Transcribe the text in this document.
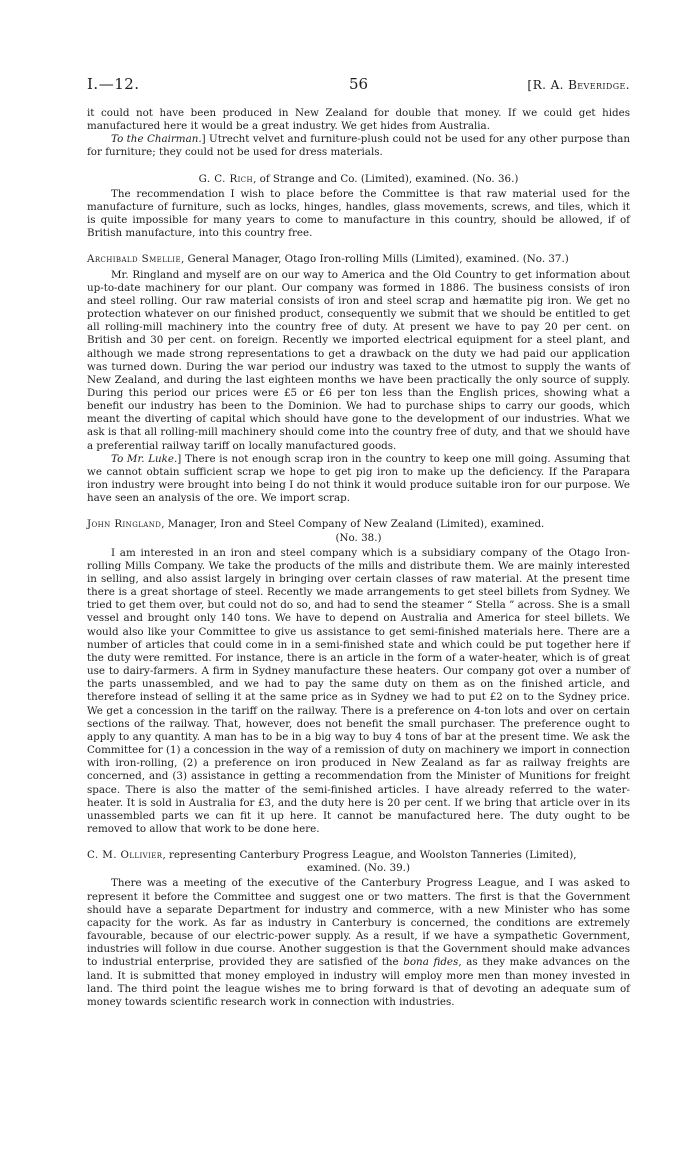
I.—12.	56	[R. A. Beveridge.

it could not have been produced in New Zealand for double that money. If we could get hides manufactured here it would be a great industry. We get hides from Australia.

To the Chairman.] Utrecht velvet and furniture-plush could not be used for any other purpose than for furniture; they could not be used for dress materials.

G. C. Rich, of Strange and Co. (Limited), examined. (No. 36.)

The recommendation I wish to place before the Committee is that raw material used for the manufacture of furniture, such as locks, hinges, handles, glass movements, screws, and tiles, which it is quite impossible for many years to come to manufacture in this country, should be allowed, if of British manufacture, into this country free.

Archibald Smellie, General Manager, Otago Iron-rolling Mills (Limited), examined. (No. 37.)

Mr. Ringland and myself are on our way to America and the Old Country to get information about up-to-date machinery for our plant. Our company was formed in 1886. The business consists of iron and steel rolling. Our raw material consists of iron and steel scrap and hæmatite pig iron. We get no protection whatever on our finished product, consequently we submit that we should be entitled to get all rolling-mill machinery into the country free of duty. At present we have to pay 20 per cent. on British and 30 per cent. on foreign. Recently we imported electrical equipment for a steel plant, and although we made strong representations to get a drawback on the duty we had paid our application was turned down. During the war period our industry was taxed to the utmost to supply the wants of New Zealand, and during the last eighteen months we have been practically the only source of supply. During this period our prices were £5 or £6 per ton less than the English prices, showing what a benefit our industry has been to the Dominion. We had to purchase ships to carry our goods, which meant the diverting of capital which should have gone to the development of our industries. What we ask is that all rolling-mill machinery should come into the country free of duty, and that we should have a preferential railway tariff on locally manufactured goods.

To Mr. Luke.] There is not enough scrap iron in the country to keep one mill going. Assuming that we cannot obtain sufficient scrap we hope to get pig iron to make up the deficiency. If the Parapara iron industry were brought into being I do not think it would produce suitable iron for our purpose. We have seen an analysis of the ore. We import scrap.

John Ringland, Manager, Iron and Steel Company of New Zealand (Limited), examined.
(No. 38.)

I am interested in an iron and steel company which is a subsidiary company of the Otago Iron-rolling Mills Company. We take the products of the mills and distribute them. We are mainly interested in selling, and also assist largely in bringing over certain classes of raw material. At the present time there is a great shortage of steel. Recently we made arrangements to get steel billets from Sydney. We tried to get them over, but could not do so, and had to send the steamer “ Stella ” across. She is a small vessel and brought only 140 tons. We have to depend on Australia and America for steel billets. We would also like your Committee to give us assistance to get semi-finished materials here. There are a number of articles that could come in in a semi-finished state and which could be put together here if the duty were remitted. For instance, there is an article in the form of a water-heater, which is of great use to dairy-farmers. A firm in Sydney manufacture these heaters. Our company got over a number of the parts unassembled, and we had to pay the same duty on them as on the finished article, and therefore instead of selling it at the same price as in Sydney we had to put £2 on to the Sydney price. We get a concession in the tariff on the railway. There is a preference on 4-ton lots and over on certain sections of the railway. That, however, does not benefit the small purchaser. The preference ought to apply to any quantity. A man has to be in a big way to buy 4 tons of bar at the present time. We ask the Committee for (1) a concession in the way of a remission of duty on machinery we import in connection with iron-rolling, (2) a preference on iron produced in New Zealand as far as railway freights are concerned, and (3) assistance in getting a recommendation from the Minister of Munitions for freight space. There is also the matter of the semi-finished articles. I have already referred to the water-heater. It is sold in Australia for £3, and the duty here is 20 per cent. If we bring that article over in its unassembled parts we can fit it up here. It cannot be manufactured here. The duty ought to be removed to allow that work to be done here.

C. M. Ollivier, representing Canterbury Progress League, and Woolston Tanneries (Limited),
examined. (No. 39.)

There was a meeting of the executive of the Canterbury Progress League, and I was asked to represent it before the Committee and suggest one or two matters. The first is that the Government should have a separate Department for industry and commerce, with a new Minister who has some capacity for the work. As far as industry in Canterbury is concerned, the conditions are extremely favourable, because of our electric-power supply. As a result, if we have a sympathetic Government, industries will follow in due course. Another suggestion is that the Government should make advances to industrial enterprise, provided they are satisfied of the bona fides, as they make advances on the land. It is submitted that money employed in industry will employ more men than money invested in land. The third point the league wishes me to bring forward is that of devoting an adequate sum of money towards scientific research work in connection with industries.
